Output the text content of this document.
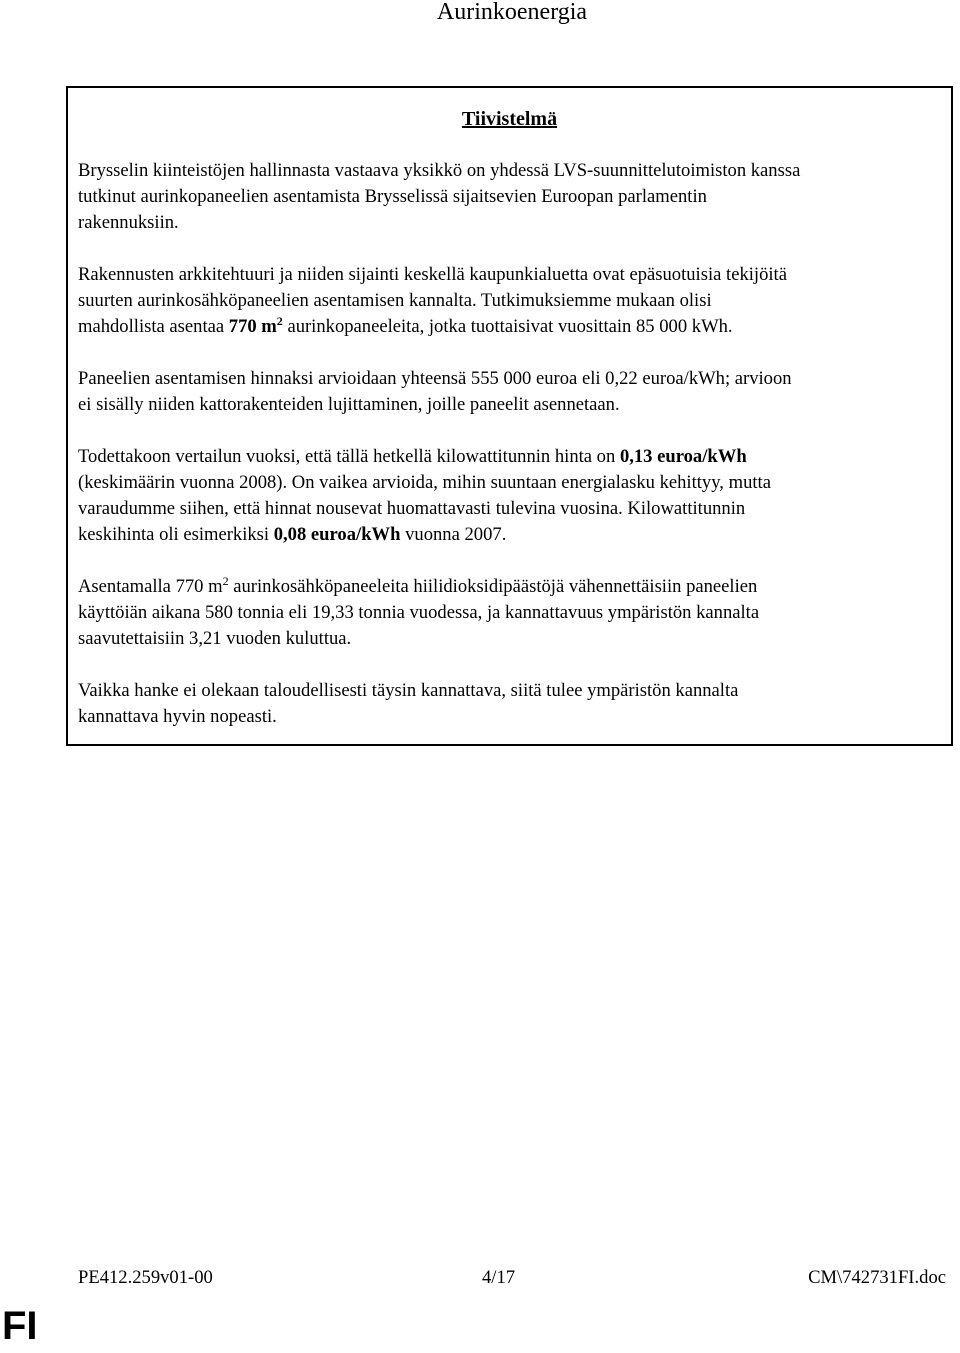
Aurinkoenergia
Tiivistelmä

Brysselin kiinteistöjen hallinnasta vastaava yksikkö on yhdessä LVS-suunnittelutoimiston kanssa
tutkinut aurinkopaneelien asentamista Brysselissä sijaitsevien Euroopan parlamentin
rakennuksiin.

Rakennusten arkkitehtuuri ja niiden sijainti keskellä kaupunkialuetta ovat epäsuotuisia tekijöitä
suurten aurinkosähköpaneelien asentamisen kannalta. Tutkimuksiemme mukaan olisi
mahdollista asentaa 770 $m^2$ aurinkopaneeleita, jotka tuottaisivat vuosittain 85 000 kWh.

Paneelien asentamisen hinnaksi arvioidaan yhteensä 555 000 euroa eli 0,22 euroa/kWh; arvioon
ei sisälly niiden kattorakenteiden lujittaminen, joille paneelit asennetaan.

Todettakoon vertailun vuoksi, että tällä hetkellä kilowattitunnin hinta on 0,13 euroa/kWh
(keskimäärin vuonna 2008). On vaikea arvioida, mihin suuntaan energialasku kehittyy, mutta
varaudumme siihen, että hinnat nousevat huomattavasti tulevina vuosina. Kilowattitunnin
keskihinta oli esimerkiksi 0,08 euroa/kWh vuonna 2007.

Asentamalla 770 $m^2$ aurinkosähköpaneeleita hiilidioksidipäästöjä vähennettäisiin paneelien
käyttöiän aikana 580 tonnia eli 19,33 tonnia vuodessa, ja kannattavuus ympäristön kannalta
saavutettaisiin 3,21 vuoden kuluttua.

Vaikka hanke ei olekaan taloudellisesti täysin kannattava, siitä tulee ympäristön kannalta
kannattava hyvin nopeasti.

PE412.259v01-00	4/17	CM\742731FI.doc
FI
